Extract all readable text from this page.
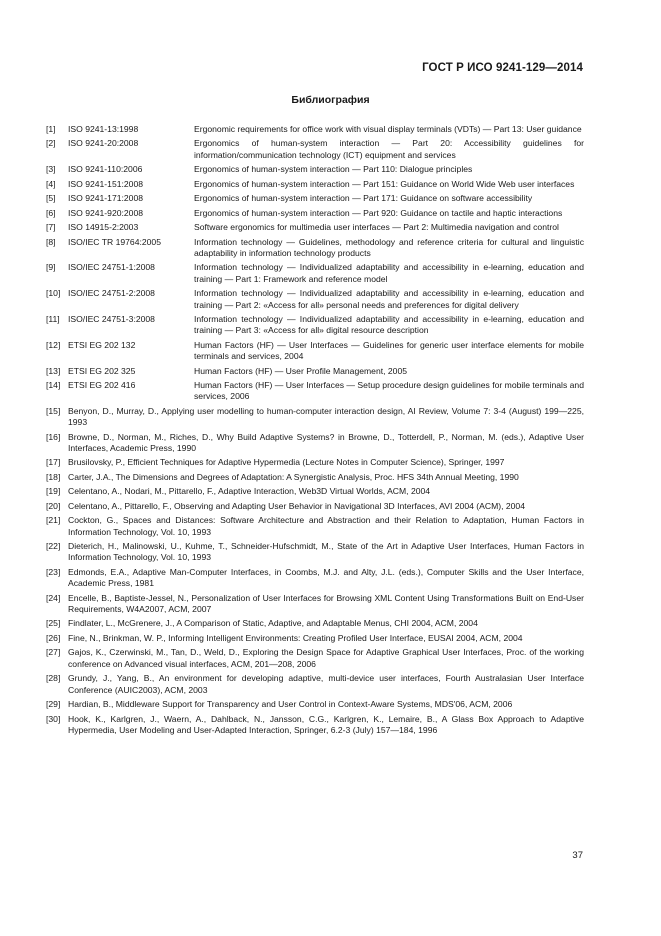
ГОСТ Р ИСО 9241-129—2014
Библиография
[1]	ISO 9241-13:1998	Ergonomic requirements for office work with visual display terminals (VDTs) — Part 13: User guidance
[2]	ISO 9241-20:2008	Ergonomics of human-system interaction — Part 20: Accessibility guidelines for information/communication technology (ICT) equipment and services
[3]	ISO 9241-110:2006	Ergonomics of human-system interaction — Part 110: Dialogue principles
[4]	ISO 9241-151:2008	Ergonomics of human-system interaction — Part 151: Guidance on World Wide Web user interfaces
[5]	ISO 9241-171:2008	Ergonomics of human-system interaction — Part 171: Guidance on software accessibility
[6]	ISO 9241-920:2008	Ergonomics of human-system interaction — Part 920: Guidance on tactile and haptic interactions
[7]	ISO 14915-2:2003	Software ergonomics for multimedia user interfaces — Part 2: Multimedia navigation and control
[8]	ISO/IEC TR 19764:2005	Information technology — Guidelines, methodology and reference criteria for cultural and linguistic adaptability in information technology products
[9]	ISO/IEC 24751-1:2008	Information technology — Individualized adaptability and accessibility in e-learning, education and training — Part 1: Framework and reference model
[10] ISO/IEC 24751-2:2008	Information technology — Individualized adaptability and accessibility in e-learning, education and training — Part 2: «Access for all» personal needs and preferences for digital delivery
[11] ISO/IEC 24751-3:2008	Information technology — Individualized adaptability and accessibility in e-learning, education and training — Part 3: «Access for all» digital resource description
[12] ETSI EG 202 132	Human Factors (HF) — User Interfaces — Guidelines for generic user interface elements for mobile terminals and services, 2004
[13] ETSI EG 202 325	Human Factors (HF) — User Profile Management, 2005
[14] ETSI EG 202 416	Human Factors (HF) — User Interfaces — Setup procedure design guidelines for mobile terminals and services, 2006
[15] Benyon, D., Murray, D., Applying user modelling to human-computer interaction design, AI Review, Volume 7: 3-4 (August) 199—225, 1993
[16] Browne, D., Norman, M., Riches, D., Why Build Adaptive Systems? in Browne, D., Totterdell, P., Norman, M. (eds.), Adaptive User Interfaces, Academic Press, 1990
[17] Brusilovsky, P., Efficient Techniques for Adaptive Hypermedia (Lecture Notes in Computer Science), Springer, 1997
[18] Carter, J.A., The Dimensions and Degrees of Adaptation: A Synergistic Analysis, Proc. HFS 34th Annual Meeting, 1990
[19] Celentano, A., Nodari, M., Pittarello, F., Adaptive Interaction, Web3D Virtual Worlds, ACM, 2004
[20] Celentano, A., Pittarello, F., Observing and Adapting User Behavior in Navigational 3D Interfaces, AVI 2004 (ACM), 2004
[21] Cockton, G., Spaces and Distances: Software Architecture and Abstraction and their Relation to Adaptation, Human Factors in Information Technology, Vol. 10, 1993
[22] Dieterich, H., Malinowski, U., Kuhme, T., Schneider-Hufschmidt, M., State of the Art in Adaptive User Interfaces, Human Factors in Information Technology, Vol. 10, 1993
[23] Edmonds, E.A., Adaptive Man-Computer Interfaces, in Coombs, M.J. and Alty, J.L. (eds.), Computer Skills and the User Interface, Academic Press, 1981
[24] Encelle, B., Baptiste-Jessel, N., Personalization of User Interfaces for Browsing XML Content Using Transformations Built on End-User Requirements, W4A2007, ACM, 2007
[25] Findlater, L., McGrenere, J., A Comparison of Static, Adaptive, and Adaptable Menus, CHI 2004, ACM, 2004
[26] Fine, N., Brinkman, W. P., Informing Intelligent Environments: Creating Profiled User Interface, EUSAI 2004, ACM, 2004
[27] Gajos, K., Czerwinski, M., Tan, D., Weld, D., Exploring the Design Space for Adaptive Graphical User Interfaces, Proc. of the working conference on Advanced visual interfaces, ACM, 201—208, 2006
[28] Grundy, J., Yang, B., An environment for developing adaptive, multi-device user interfaces, Fourth Australasian User Interface Conference (AUIC2003), ACM, 2003
[29] Hardian, B., Middleware Support for Transparency and User Control in Context-Aware Systems, MDS'06, ACM, 2006
[30] Hook, K., Karlgren, J., Waern, A., Dahlback, N., Jansson, C.G., Karlgren, K., Lemaire, B., A Glass Box Approach to Adaptive Hypermedia, User Modeling and User-Adapted Interaction, Springer, 6.2-3 (July) 157—184, 1996
37
